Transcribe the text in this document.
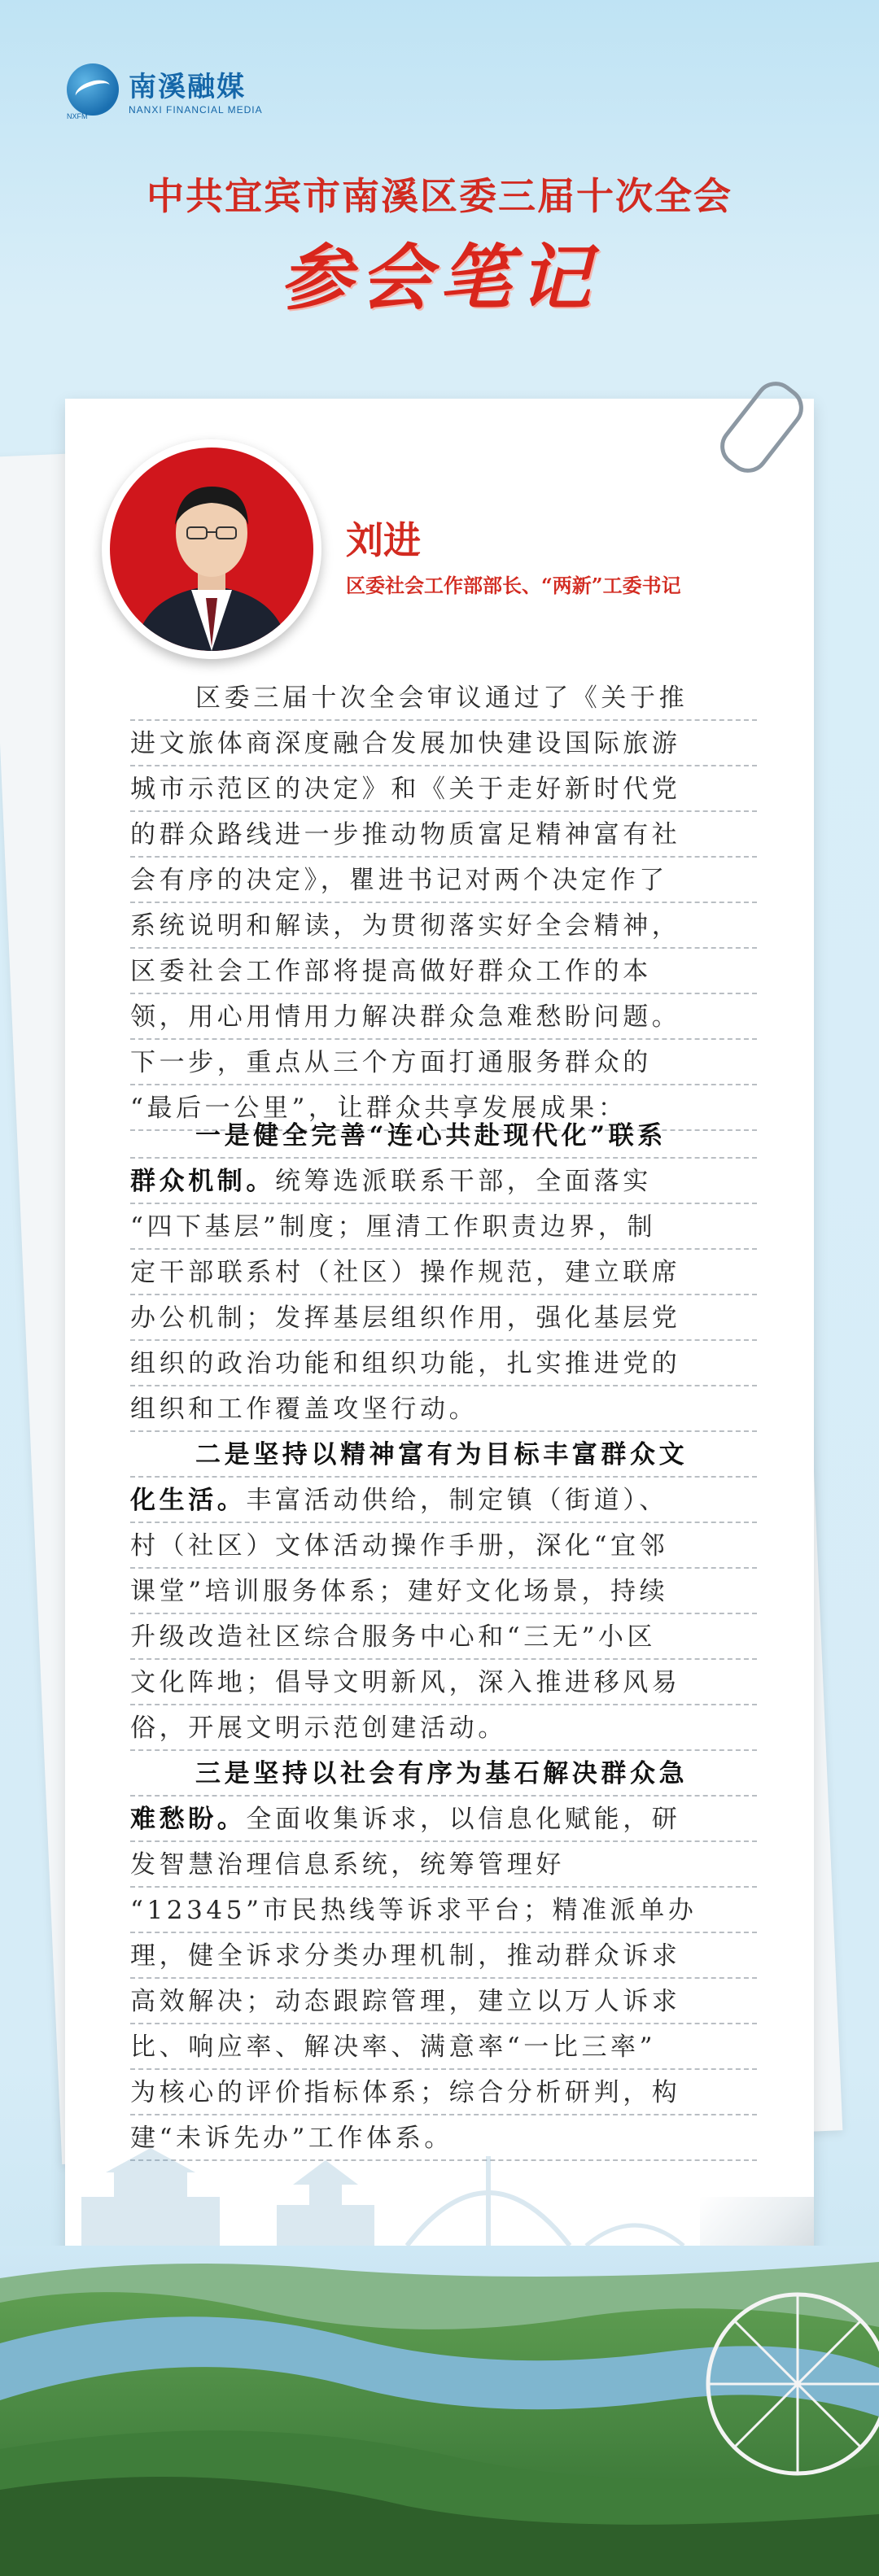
南溪融媒
NANXI FINANCIAL MEDIA
NXFM
中共宜宾市南溪区委三届十次全会
参会笔记
刘进
区委社会工作部部长、“两新”工委书记
区委三届十次全会审议通过了《关于推
进文旅体商深度融合发展加快建设国际旅游
城市示范区的决定》和《关于走好新时代党
的群众路线进一步推动物质富足精神富有社
会有序的决定》，瞿进书记对两个决定作了
系统说明和解读，为贯彻落实好全会精神，
区委社会工作部将提高做好群众工作的本
领，用心用情用力解决群众急难愁盼问题。
下一步，重点从三个方面打通服务群众的
“最后一公里”，让群众共享发展成果：
一是健全完善“连心共赴现代化”联系
群众机制。统筹选派联系干部，全面落实
“四下基层”制度；厘清工作职责边界，制
定干部联系村（社区）操作规范，建立联席
办公机制；发挥基层组织作用，强化基层党
组织的政治功能和组织功能，扎实推进党的
组织和工作覆盖攻坚行动。
二是坚持以精神富有为目标丰富群众文
化生活。丰富活动供给，制定镇（街道）、
村（社区）文体活动操作手册，深化“宜邻
课堂”培训服务体系；建好文化场景，持续
升级改造社区综合服务中心和“三无”小区
文化阵地；倡导文明新风，深入推进移风易
俗，开展文明示范创建活动。
三是坚持以社会有序为基石解决群众急
难愁盼。全面收集诉求，以信息化赋能，研
发智慧治理信息系统，统筹管理好
“12345”市民热线等诉求平台；精准派单办
理，健全诉求分类办理机制，推动群众诉求
高效解决；动态跟踪管理，建立以万人诉求
比、响应率、解决率、满意率“一比三率”
为核心的评价指标体系；综合分析研判，构
建“未诉先办”工作体系。
